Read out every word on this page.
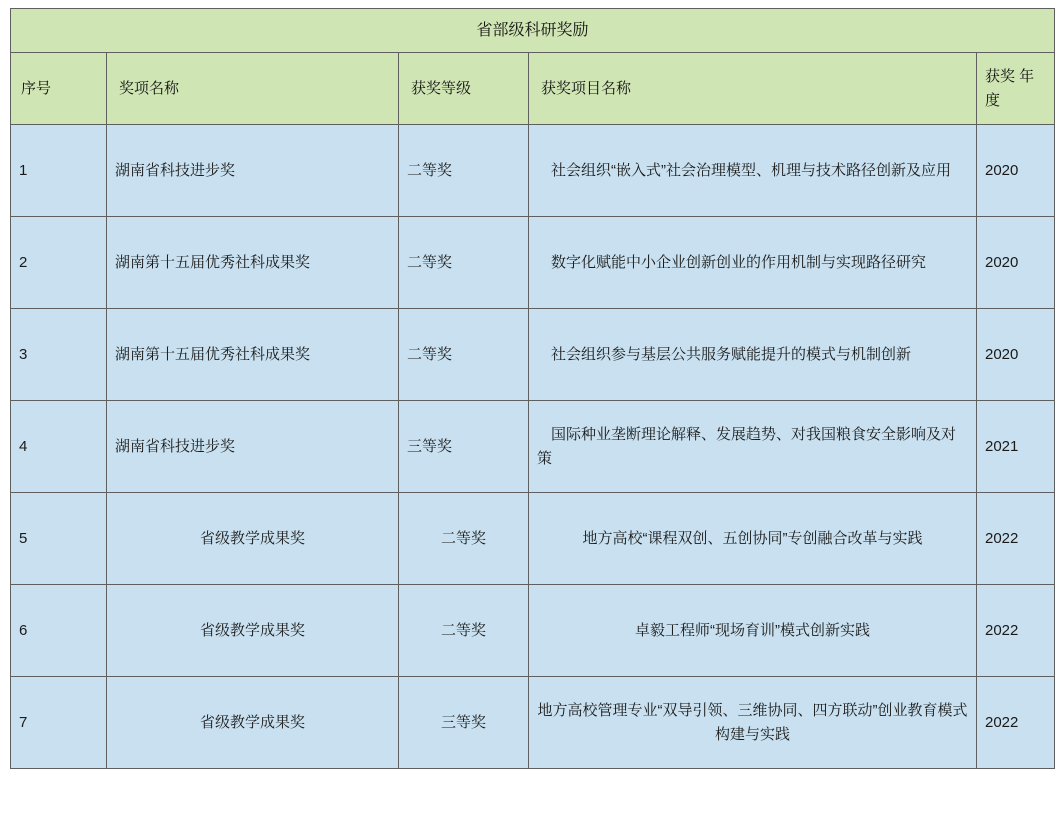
省部级科研奖励				
序号	奖项名称	获奖等级	获奖项目名称	获奖 年度
1	湖南省科技进步奖	二等奖	社会组织“嵌入式”社会治理模型、机理与技术路径创新及应用	2020
2	湖南第十五届优秀社科成果奖	二等奖	数字化赋能中小企业创新创业的作用机制与实现路径研究	2020
3	湖南第十五届优秀社科成果奖	二等奖	社会组织参与基层公共服务赋能提升的模式与机制创新	2020
4	湖南省科技进步奖	三等奖	国际种业垄断理论解释、发展趋势、对我国粮食安全影响及对策	2021
5	省级教学成果奖	二等奖	地方高校“课程双创、五创协同”专创融合改革与实践	2022
6	省级教学成果奖	二等奖	卓毅工程师“现场育训”模式创新实践	2022
7	省级教学成果奖	三等奖	地方高校管理专业“双导引领、三维协同、四方联动”创业教育模式构建与实践	2022
